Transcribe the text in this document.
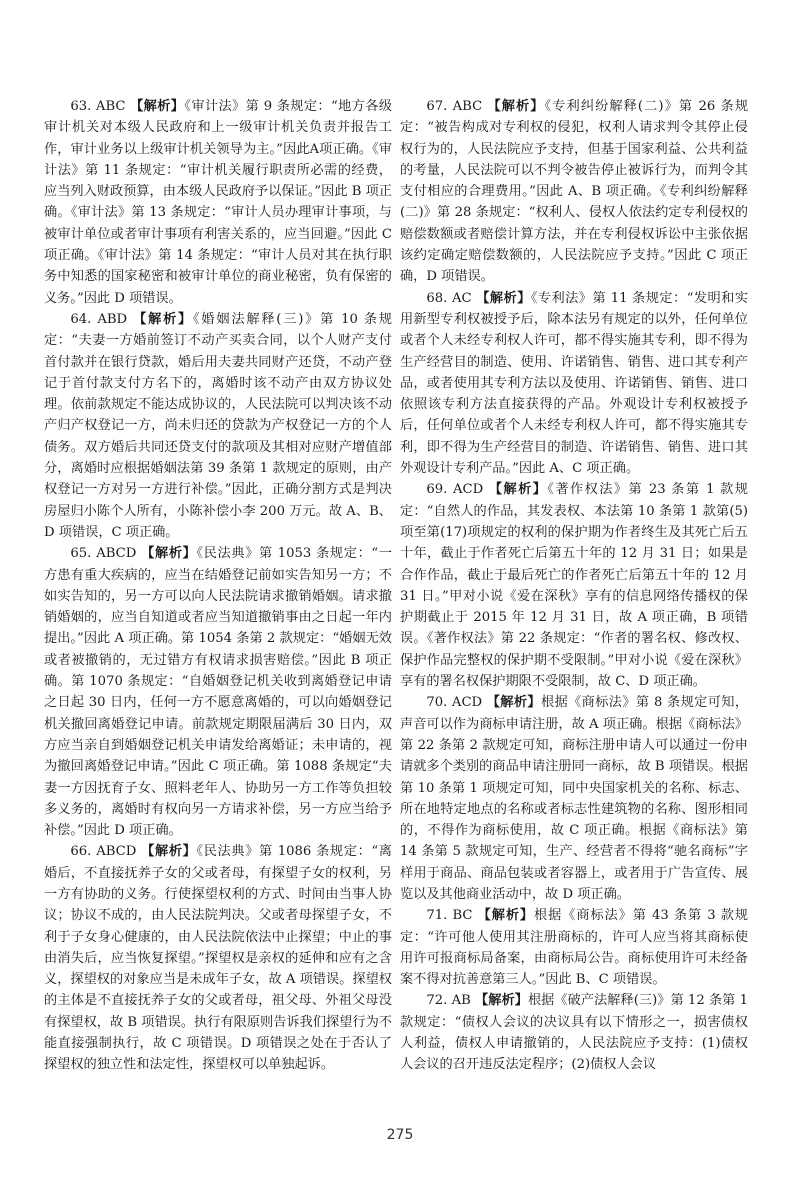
63. ABC 【解析】《审计法》第 9 条规定：“地方各级审计机关对本级人民政府和上一级审计机关负责并报告工作，审计业务以上级审计机关领导为主。”因此A项正确。《审计法》第 11 条规定：“审计机关履行职责所必需的经费，应当列入财政预算，由本级人民政府予以保证。”因此 B 项正确。《审计法》第 13 条规定：“审计人员办理审计事项，与被审计单位或者审计事项有利害关系的，应当回避。”因此 C 项正确。《审计法》第 14 条规定：“审计人员对其在执行职务中知悉的国家秘密和被审计单位的商业秘密，负有保密的义务。”因此 D 项错误。

64. ABD 【解析】《婚姻法解释(三)》第 10 条规定：“夫妻一方婚前签订不动产买卖合同，以个人财产支付首付款并在银行贷款，婚后用夫妻共同财产还贷，不动产登记于首付款支付方名下的，离婚时该不动产由双方协议处理。依前款规定不能达成协议的，人民法院可以判决该不动产归产权登记一方，尚未归还的贷款为产权登记一方的个人债务。双方婚后共同还贷支付的款项及其相对应财产增值部分，离婚时应根据婚姻法第 39 条第 1 款规定的原则，由产权登记一方对另一方进行补偿。”因此，正确分割方式是判决房屋归小陈个人所有，小陈补偿小李 200 万元。故 A、B、D 项错误，C 项正确。

65. ABCD 【解析】《民法典》第 1053 条规定：“一方患有重大疾病的，应当在结婚登记前如实告知另一方；不如实告知的，另一方可以向人民法院请求撤销婚姻。请求撤销婚姻的，应当自知道或者应当知道撤销事由之日起一年内提出。”因此 A 项正确。第 1054 条第 2 款规定：“婚姻无效或者被撤销的，无过错方有权请求损害赔偿。”因此 B 项正确。第 1070 条规定：“自婚姻登记机关收到离婚登记申请之日起 30 日内，任何一方不愿意离婚的，可以向婚姻登记机关撤回离婚登记申请。前款规定期限届满后 30 日内，双方应当亲自到婚姻登记机关申请发给离婚证；未申请的，视为撤回离婚登记申请。”因此 C 项正确。第 1088 条规定“夫妻一方因抚育子女、照料老年人、协助另一方工作等负担较多义务的，离婚时有权向另一方请求补偿，另一方应当给予补偿。”因此 D 项正确。

66. ABCD 【解析】《民法典》第 1086 条规定：“离婚后，不直接抚养子女的父或者母，有探望子女的权利，另一方有协助的义务。行使探望权利的方式、时间由当事人协议；协议不成的，由人民法院判决。父或者母探望子女，不利于子女身心健康的，由人民法院依法中止探望；中止的事由消失后，应当恢复探望。”探望权是亲权的延伸和应有之含义，探望权的对象应当是未成年子女，故 A 项错误。探望权的主体是不直接抚养子女的父或者母，祖父母、外祖父母没有探望权，故 B 项错误。执行有限原则告诉我们探望行为不能直接强制执行，故 C 项错误。D 项错误之处在于否认了探望权的独立性和法定性，探望权可以单独起诉。

67. ABC 【解析】《专利纠纷解释(二)》第 26 条规定：“被告构成对专利权的侵犯，权利人请求判令其停止侵权行为的，人民法院应予支持，但基于国家利益、公共利益的考量，人民法院可以不判令被告停止被诉行为，而判令其支付相应的合理费用。”因此 A、B 项正确。《专利纠纷解释(二)》第 28 条规定：“权利人、侵权人依法约定专利侵权的赔偿数额或者赔偿计算方法，并在专利侵权诉讼中主张依据该约定确定赔偿数额的，人民法院应予支持。”因此 C 项正确，D 项错误。

68. AC 【解析】《专利法》第 11 条规定：“发明和实用新型专利权被授予后，除本法另有规定的以外，任何单位或者个人未经专利权人许可，都不得实施其专利，即不得为生产经营目的制造、使用、许诺销售、销售、进口其专利产品，或者使用其专利方法以及使用、许诺销售、销售、进口依照该专利方法直接获得的产品。外观设计专利权被授予后，任何单位或者个人未经专利权人许可，都不得实施其专利，即不得为生产经营目的制造、许诺销售、销售、进口其外观设计专利产品。”因此 A、C 项正确。

69. ACD 【解析】《著作权法》第 23 条第 1 款规定：“自然人的作品，其发表权、本法第 10 条第 1 款第(5)项至第(17)项规定的权利的保护期为作者终生及其死亡后五十年，截止于作者死亡后第五十年的 12 月 31 日；如果是合作作品，截止于最后死亡的作者死亡后第五十年的 12 月 31 日。”甲对小说《爱在深秋》享有的信息网络传播权的保护期截止于 2015 年 12 月 31 日，故 A 项正确，B 项错误。《著作权法》第 22 条规定：“作者的署名权、修改权、保护作品完整权的保护期不受限制。”甲对小说《爱在深秋》享有的署名权保护期限不受限制，故 C、D 项正确。

70. ACD 【解析】根据《商标法》第 8 条规定可知，声音可以作为商标申请注册，故 A 项正确。根据《商标法》第 22 条第 2 款规定可知，商标注册申请人可以通过一份申请就多个类别的商品申请注册同一商标，故 B 项错误。根据第 10 条第 1 项规定可知，同中央国家机关的名称、标志、所在地特定地点的名称或者标志性建筑物的名称、图形相同的，不得作为商标使用，故 C 项正确。根据《商标法》第 14 条第 5 款规定可知，生产、经营者不得将“驰名商标”字样用于商品、商品包装或者容器上，或者用于广告宣传、展览以及其他商业活动中，故 D 项正确。

71. BC 【解析】根据《商标法》第 43 条第 3 款规定：“许可他人使用其注册商标的，许可人应当将其商标使用许可报商标局备案，由商标局公告。商标使用许可未经备案不得对抗善意第三人。”因此 B、C 项错误。

72. AB 【解析】根据《破产法解释(三)》第 12 条第 1 款规定：“债权人会议的决议具有以下情形之一，损害债权人利益，债权人申请撤销的，人民法院应予支持：(1)债权人会议的召开违反法定程序；(2)债权人会议

275
